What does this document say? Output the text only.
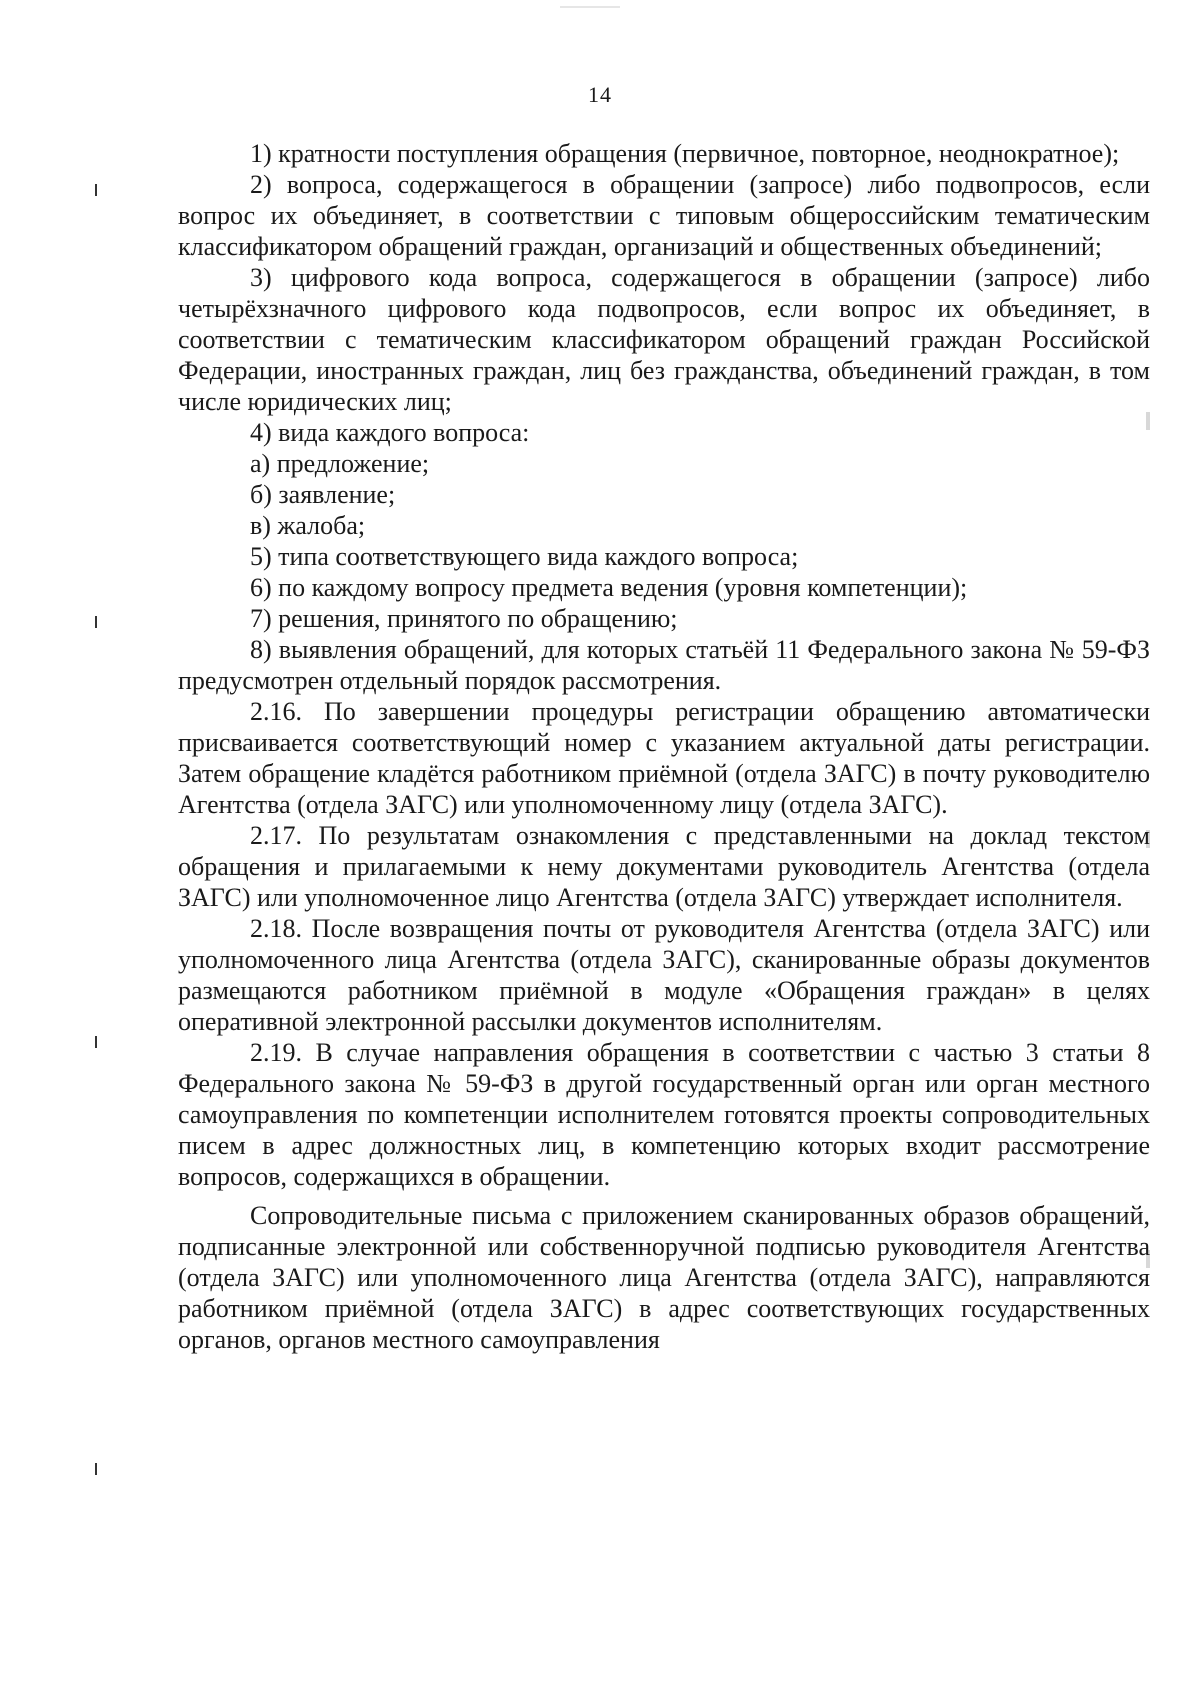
14

1) кратности поступления обращения (первичное, повторное, неоднократное);

2) вопроса, содержащегося в обращении (запросе) либо подвопросов, если вопрос их объединяет, в соответствии с типовым общероссийским тематическим классификатором обращений граждан, организаций и общественных объединений;

3) цифрового кода вопроса, содержащегося в обращении (запросе) либо четырёхзначного цифрового кода подвопросов, если вопрос их объединяет, в соответствии с тематическим классификатором обращений граждан Российской Федерации, иностранных граждан, лиц без гражданства, объединений граждан, в том числе юридических лиц;

4) вида каждого вопроса:

а) предложение;

б) заявление;

в) жалоба;

5) типа соответствующего вида каждого вопроса;

6) по каждому вопросу предмета ведения (уровня компетенции);

7) решения, принятого по обращению;

8) выявления обращений, для которых статьёй 11 Федерального закона № 59-ФЗ предусмотрен отдельный порядок рассмотрения.

2.16. По завершении процедуры регистрации обращению автоматически присваивается соответствующий номер с указанием актуальной даты регистрации. Затем обращение кладётся работником приёмной (отдела ЗАГС) в почту руководителю Агентства (отдела ЗАГС) или уполномоченному лицу (отдела ЗАГС).

2.17. По результатам ознакомления с представленными на доклад текстом обращения и прилагаемыми к нему документами руководитель Агентства (отдела ЗАГС) или уполномоченное лицо Агентства (отдела ЗАГС) утверждает исполнителя.

2.18. После возвращения почты от руководителя Агентства (отдела ЗАГС) или уполномоченного лица Агентства (отдела ЗАГС), сканированные образы документов размещаются работником приёмной в модуле «Обращения граждан» в целях оперативной электронной рассылки документов исполнителям.

2.19. В случае направления обращения в соответствии с частью 3 статьи 8 Федерального закона № 59-ФЗ в другой государственный орган или орган местного самоуправления по компетенции исполнителем готовятся проекты сопроводительных писем в адрес должностных лиц, в компетенцию которых входит рассмотрение вопросов, содержащихся в обращении.

Сопроводительные письма с приложением сканированных образов обращений, подписанные электронной или собственноручной подписью руководителя Агентства (отдела ЗАГС) или уполномоченного лица Агентства (отдела ЗАГС), направляются работником приёмной (отдела ЗАГС) в адрес соответствующих государственных органов, органов местного самоуправления
